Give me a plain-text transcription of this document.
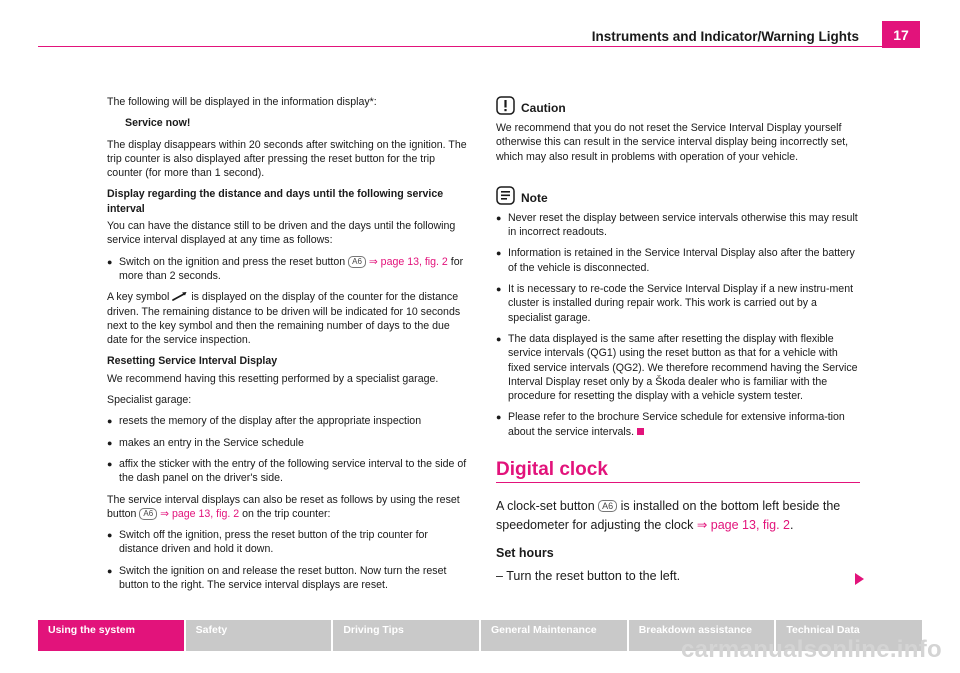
Instruments and Indicator/Warning Lights	17

The following will be displayed in the information display*:

Service now!

The display disappears within 20 seconds after switching on the ignition. The trip counter is also displayed after pressing the reset button for the trip counter (for more than 1 second).

Display regarding the distance and days until the following service interval

You can have the distance still to be driven and the days until the following service interval displayed at any time as follows:

● Switch on the ignition and press the reset button A6 ⇒ page 13, fig. 2 for more than 2 seconds.

A key symbol is displayed on the display of the counter for the distance driven. The remaining distance to be driven will be indicated for 10 seconds next to the key symbol and then the remaining number of days to the due date for the service inspection.

Resetting Service Interval Display

We recommend having this resetting performed by a specialist garage.

Specialist garage:

● resets the memory of the display after the appropriate inspection

● makes an entry in the Service schedule

● affix the sticker with the entry of the following service interval to the side of the dash panel on the driver's side.

The service interval displays can also be reset as follows by using the reset button A6 ⇒ page 13, fig. 2 on the trip counter:

● Switch off the ignition, press the reset button of the trip counter for distance driven and hold it down.

● Switch the ignition on and release the reset button. Now turn the reset button to the right. The service interval displays are reset.

Caution

We recommend that you do not reset the Service Interval Display yourself otherwise this can result in the service interval display being incorrectly set, which may also result in problems with operation of your vehicle.

Note

● Never reset the display between service intervals otherwise this may result in incorrect readouts.

● Information is retained in the Service Interval Display also after the battery of the vehicle is disconnected.

● It is necessary to re-code the Service Interval Display if a new instru-ment cluster is installed during repair work. This work is carried out by a specialist garage.

● The data displayed is the same after resetting the display with flexible service intervals (QG1) using the reset button as that for a vehicle with fixed service intervals (QG2). We therefore recommend having the Service Interval Display reset only by a Škoda dealer who is familiar with the procedure for resetting the display with a vehicle system tester.

● Please refer to the brochure Service schedule for extensive informa-tion about the service intervals.

Digital clock

A clock-set button A6 is installed on the bottom left beside the speedometer for adjusting the clock ⇒ page 13, fig. 2.

Set hours

– Turn the reset button to the left.

Using the system	Safety	Driving Tips	General Maintenance	Breakdown assistance	Technical Data
carmanualsonline.info
